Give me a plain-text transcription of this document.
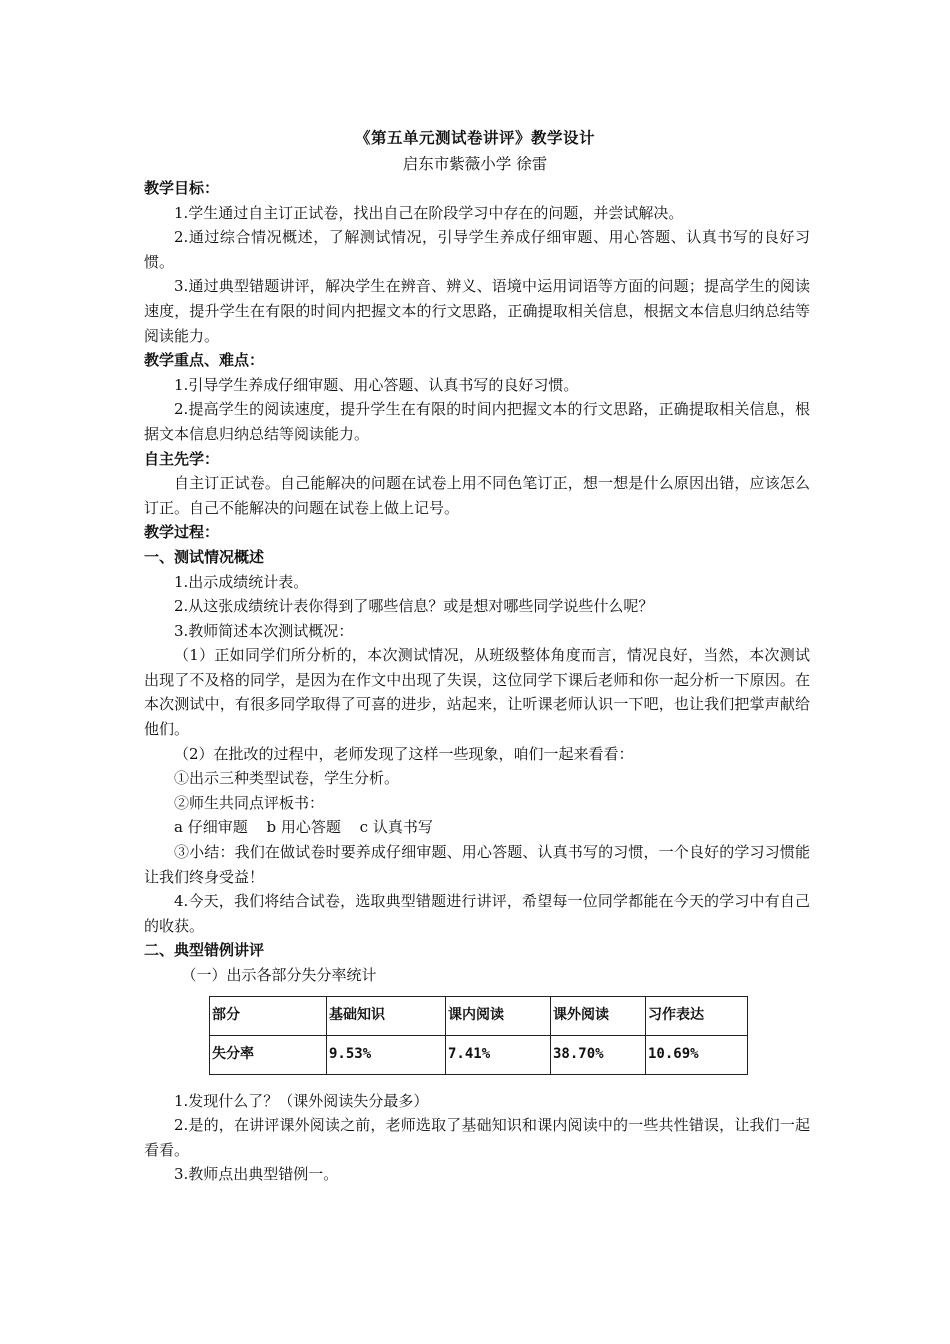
《第五单元测试卷讲评》教学设计
启东市紫薇小学 徐雷

教学目标：

1.学生通过自主订正试卷，找出自己在阶段学习中存在的问题，并尝试解决。

2.通过综合情况概述，了解测试情况，引导学生养成仔细审题、用心答题、认真书写的良好习惯。

3.通过典型错题讲评，解决学生在辨音、辨义、语境中运用词语等方面的问题；提高学生的阅读速度，提升学生在有限的时间内把握文本的行文思路，正确提取相关信息，根据文本信息归纳总结等阅读能力。

教学重点、难点：

1.引导学生养成仔细审题、用心答题、认真书写的良好习惯。

2.提高学生的阅读速度，提升学生在有限的时间内把握文本的行文思路，正确提取相关信息，根据文本信息归纳总结等阅读能力。

自主先学：

自主订正试卷。自己能解决的问题在试卷上用不同色笔订正，想一想是什么原因出错，应该怎么订正。自己不能解决的问题在试卷上做上记号。

教学过程：

一、测试情况概述

1.出示成绩统计表。

2.从这张成绩统计表你得到了哪些信息？或是想对哪些同学说些什么呢？

3.教师简述本次测试概况：

（1）正如同学们所分析的，本次测试情况，从班级整体角度而言，情况良好，当然，本次测试出现了不及格的同学，是因为在作文中出现了失误，这位同学下课后老师和你一起分析一下原因。在本次测试中，有很多同学取得了可喜的进步，站起来，让听课老师认识一下吧，也让我们把掌声献给他们。

（2）在批改的过程中，老师发现了这样一些现象，咱们一起来看看：

①出示三种类型试卷，学生分析。

②师生共同点评板书：

a 仔细审题 b 用心答题 c 认真书写

③小结：我们在做试卷时要养成仔细审题、用心答题、认真书写的习惯，一个良好的学习习惯能让我们终身受益！

4.今天，我们将结合试卷，选取典型错题进行讲评，希望每一位同学都能在今天的学习中有自己的收获。

二、典型错例讲评

（一）出示各部分失分率统计

部分	基础知识	课内阅读	课外阅读	习作表达
失分率	9.53%	7.41%	38.70%	10.69%

1.发现什么了？（课外阅读失分最多）

2.是的，在讲评课外阅读之前，老师选取了基础知识和课内阅读中的一些共性错误，让我们一起看看。

3.教师点出典型错例一。
